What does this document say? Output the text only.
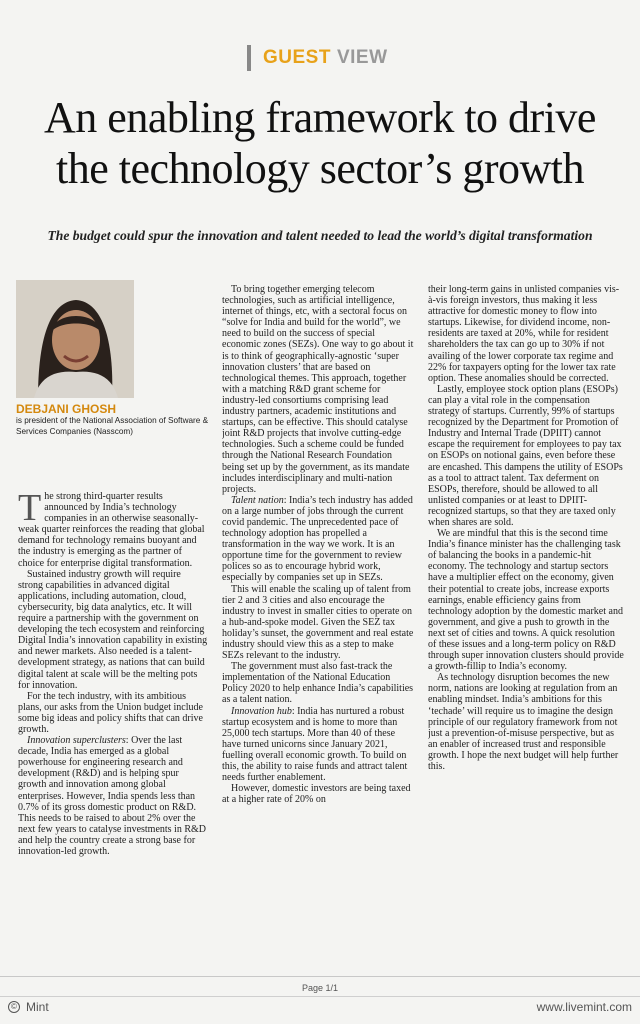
GUEST VIEW
An enabling framework to drive
the technology sector’s growth
The budget could spur the innovation and talent needed to lead the world’s digital transformation
DEBJANI GHOSH
is president of the National Association of Software & Services Companies (Nasscom)

The strong third-quarter results announced by India’s technology companies in an otherwise seasonally-weak quarter reinforces the reading that global demand for technology remains buoyant and the industry is emerging as the partner of choice for enterprise digital transformation.

Sustained industry growth will require strong capabilities in advanced digital applications, including automation, cloud, cybersecurity, big data analytics, etc. It will require a partnership with the government on developing the tech ecosystem and reinforcing Digital India’s innovation capability in existing and newer markets. Also needed is a talent-development strategy, as nations that can build digital talent at scale will be the melting pots for innovation.

For the tech industry, with its ambitious plans, our asks from the Union budget include some big ideas and policy shifts that can drive growth.

Innovation superclusters: Over the last decade, India has emerged as a global powerhouse for engineering research and development (R&D) and is helping spur growth and innovation among global enterprises. However, India spends less than 0.7% of its gross domestic product on R&D. This needs to be raised to about 2% over the next few years to catalyse investments in R&D and help the country create a strong base for innovation-led growth.

To bring together emerging telecom technologies, such as artificial intelligence, internet of things, etc, with a sectoral focus on “solve for India and build for the world”, we need to build on the success of special economic zones (SEZs). One way to go about it is to think of geographically-agnostic ‘super innovation clusters’ that are based on technological themes. This approach, together with a matching R&D grant scheme for industry-led consortiums comprising lead industry partners, academic institutions and startups, can be effective. This should catalyse joint R&D projects that involve cutting-edge technologies. Such a scheme could be funded through the National Research Foundation being set up by the government, as its mandate includes interdisciplinary and multi-nation projects.

Talent nation: India’s tech industry has added on a large number of jobs through the current covid pandemic. The unprecedented pace of technology adoption has propelled a transformation in the way we work. It is an opportune time for the government to review polices so as to encourage hybrid work, especially by companies set up in SEZs.

This will enable the scaling up of talent from tier 2 and 3 cities and also encourage the industry to invest in smaller cities to operate on a hub-and-spoke model. Given the SEZ tax holiday’s sunset, the government and real estate industry should view this as a step to make SEZs relevant to the industry.

The government must also fast-track the implementation of the National Education Policy 2020 to help enhance India’s capabilities as a talent nation.

Innovation hub: India has nurtured a robust startup ecosystem and is home to more than 25,000 tech startups. More than 40 of these have turned unicorns since January 2021, fuelling overall economic growth. To build on this, the ability to raise funds and attract talent needs further enablement.

However, domestic investors are being taxed at a higher rate of 20% on

their long-term gains in unlisted companies vis-à-vis foreign investors, thus making it less attractive for domestic money to flow into startups. Likewise, for dividend income, non-residents are taxed at 20%, while for resident shareholders the tax can go up to 30% if not availing of the lower corporate tax regime and 22% for taxpayers opting for the lower tax rate option. These anomalies should be corrected.

Lastly, employee stock option plans (ESOPs) can play a vital role in the compensation strategy of startups. Currently, 99% of startups recognized by the Department for Promotion of Industry and Internal Trade (DPIIT) cannot escape the requirement for employees to pay tax on ESOPs on notional gains, even before these are encashed. This dampens the utility of ESOPs as a tool to attract talent. Tax deferment on ESOPs, therefore, should be allowed to all unlisted companies or at least to DPIIT-recognized startups, so that they are taxed only when shares are sold.

We are mindful that this is the second time India’s finance minister has the challenging task of balancing the books in a pandemic-hit economy. The technology and startup sectors have a multiplier effect on the economy, given their potential to create jobs, increase exports earnings, enable efficiency gains from technology adoption by the domestic market and government, and give a push to growth in the next set of cities and towns. A quick resolution of these issues and a long-term policy on R&D through super innovation clusters should provide a growth-fillip to India’s economy.

As technology disruption becomes the new norm, nations are looking at regulation from an enabling mindset. India’s ambitions for this ‘techade’ will require us to imagine the design principle of our regulatory framework from not just a prevention-of-misuse perspective, but as an enabler of increased trust and responsible growth. I hope the next budget will help further this.

Page 1/1
© Mint	www.livemint.com
